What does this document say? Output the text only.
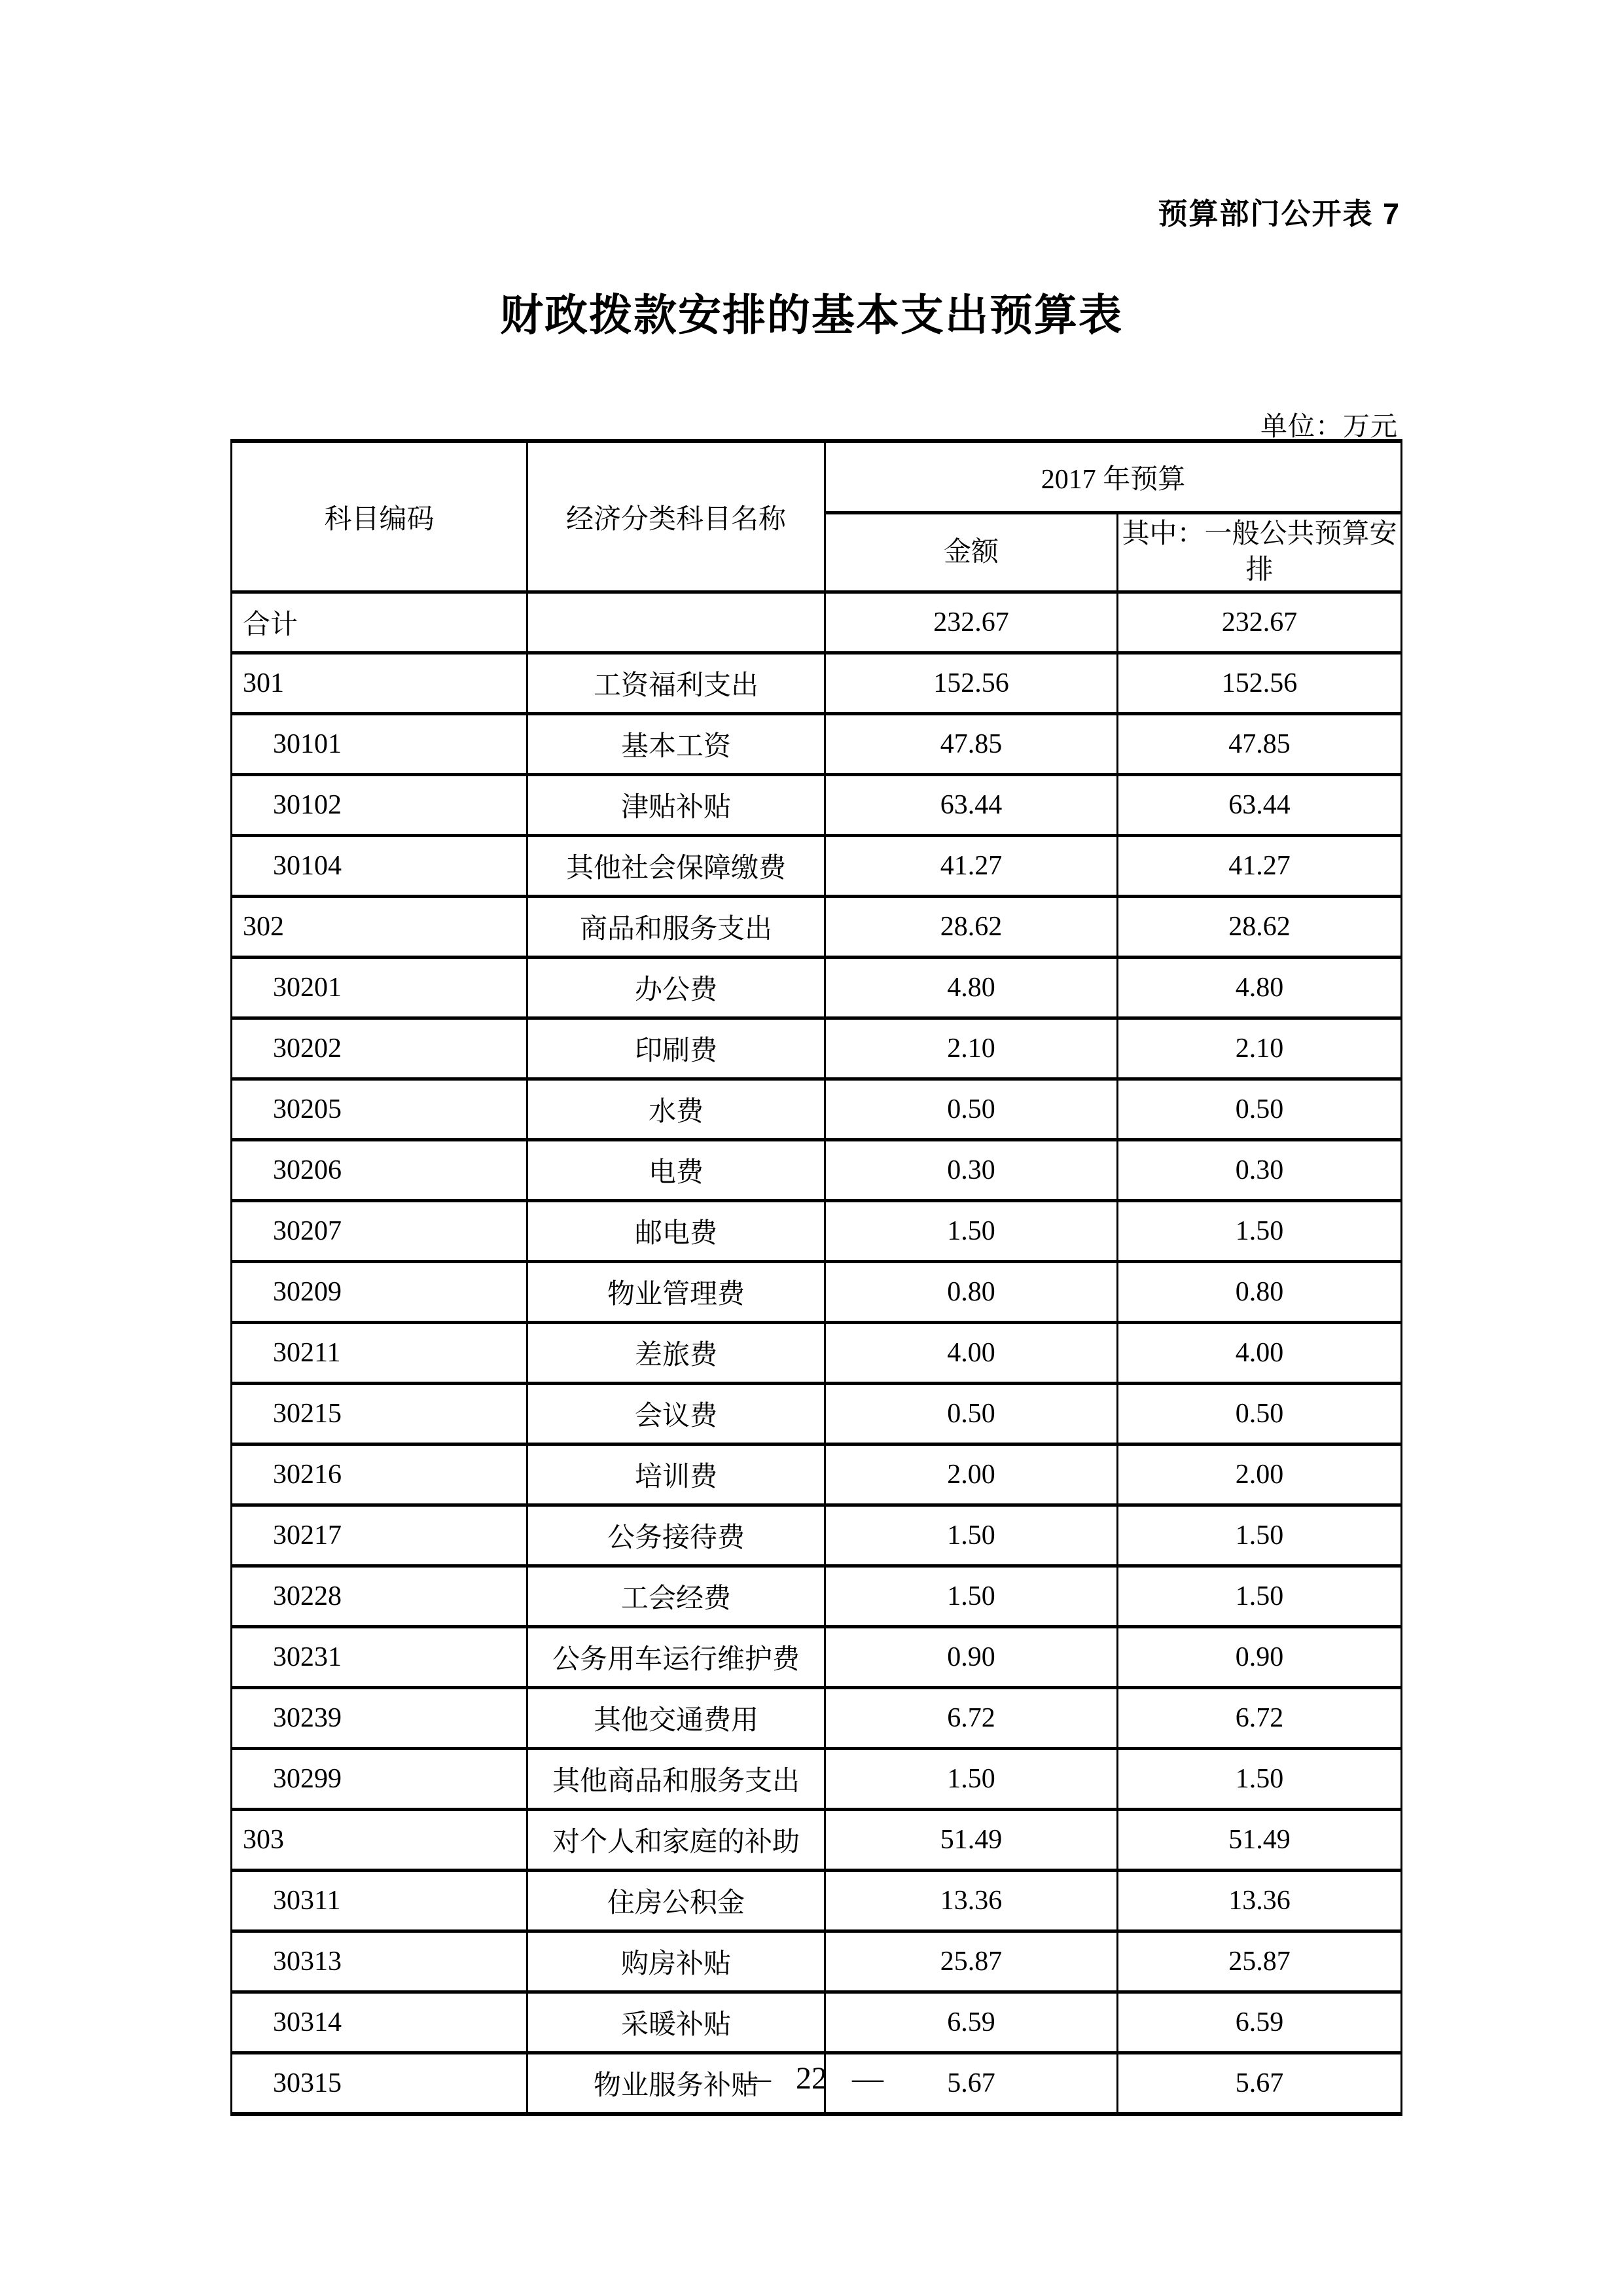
预算部门公开表 7
财政拨款安排的基本支出预算表
单位：万元
科目编码	经济分类科目名称	2017 年预算	
		金额	其中：一般公共预算安排
合计		232.67	232.67
301	工资福利支出	152.56	152.56
30101	基本工资	47.85	47.85
30102	津贴补贴	63.44	63.44
30104	其他社会保障缴费	41.27	41.27
302	商品和服务支出	28.62	28.62
30201	办公费	4.80	4.80
30202	印刷费	2.10	2.10
30205	水费	0.50	0.50
30206	电费	0.30	0.30
30207	邮电费	1.50	1.50
30209	物业管理费	0.80	0.80
30211	差旅费	4.00	4.00
30215	会议费	0.50	0.50
30216	培训费	2.00	2.00
30217	公务接待费	1.50	1.50
30228	工会经费	1.50	1.50
30231	公务用车运行维护费	0.90	0.90
30239	其他交通费用	6.72	6.72
30299	其他商品和服务支出	1.50	1.50
303	对个人和家庭的补助	51.49	51.49
30311	住房公积金	13.36	13.36
30313	购房补贴	25.87	25.87
30314	采暖补贴	6.59	6.59
30315	物业服务补贴	5.67	5.67
— 22 —
